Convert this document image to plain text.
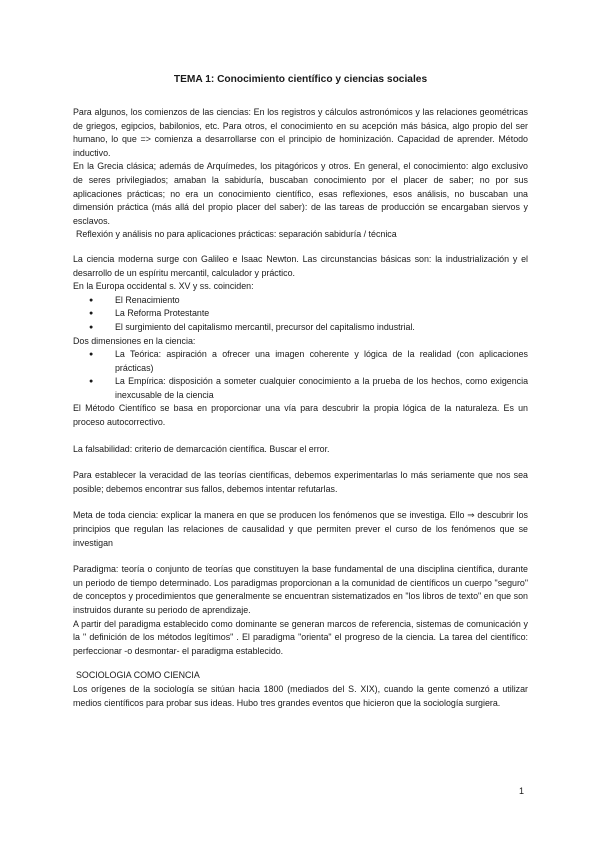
TEMA 1: Conocimiento científico y ciencias sociales

Para algunos, los comienzos de las ciencias: En los registros y cálculos astronómicos y las relaciones geométricas de griegos, egipcios, babilonios, etc. Para otros, el conocimiento en su acepción más básica, algo propio del ser humano, lo que => comienza a desarrollarse con el principio de hominización. Capacidad de aprender. Método inductivo.

En la Grecia clásica; además de Arquímedes, los pitagóricos y otros. En general, el conocimiento: algo exclusivo de seres privilegiados; amaban la sabiduría, buscaban conocimiento por el placer de saber; no por sus aplicaciones prácticas; no era un conocimiento científico, esas reflexiones, esos análisis, no buscaban una dimensión práctica (más allá del propio placer del saber): de las tareas de producción se encargaban siervos y esclavos.

Reflexión y análisis no para aplicaciones prácticas: separación sabiduría / técnica

La ciencia moderna surge con Galileo e Isaac Newton. Las circunstancias básicas son: la industrialización y el desarrollo de un espíritu mercantil, calculador y práctico.

En la Europa occidental s. XV y ss. coinciden:

● El Renacimiento
● La Reforma Protestante
● El surgimiento del capitalismo mercantil, precursor del capitalismo industrial.

Dos dimensiones en la ciencia:

● La Teórica: aspiración a ofrecer una imagen coherente y lógica de la realidad (con aplicaciones prácticas)
● La Empírica: disposición a someter cualquier conocimiento a la prueba de los hechos, como exigencia inexcusable de la ciencia

El Método Científico se basa en proporcionar una vía para descubrir la propia lógica de la naturaleza. Es un proceso autocorrectivo.

La falsabilidad: criterio de demarcación científica. Buscar el error.

Para establecer la veracidad de las teorías científicas, debemos experimentarlas lo más seriamente que nos sea posible; debemos encontrar sus fallos, debemos intentar refutarlas.

Meta de toda ciencia: explicar la manera en que se producen los fenómenos que se investiga. Ello ⇒ descubrir los principios que regulan las relaciones de causalidad y que permiten prever el curso de los fenómenos que se investigan

Paradigma: teoría o conjunto de teorías que constituyen la base fundamental de una disciplina científica, durante un periodo de tiempo determinado. Los paradigmas proporcionan a la comunidad de científicos un cuerpo "seguro" de conceptos y procedimientos que generalmente se encuentran sistematizados en "los libros de texto" en que son instruidos durante su periodo de aprendizaje.

A partir del paradigma establecido como dominante se generan marcos de referencia, sistemas de comunicación y la " definición de los métodos legítimos" . El paradigma "orienta" el progreso de la ciencia. La tarea del científico: perfeccionar -o desmontar- el paradigma establecido.

SOCIOLOGIA COMO CIENCIA

Los orígenes de la sociología se sitúan hacia 1800 (mediados del S. XIX), cuando la gente comenzó a utilizar medios científicos para probar sus ideas. Hubo tres grandes eventos que hicieron que la sociología surgiera.

1
